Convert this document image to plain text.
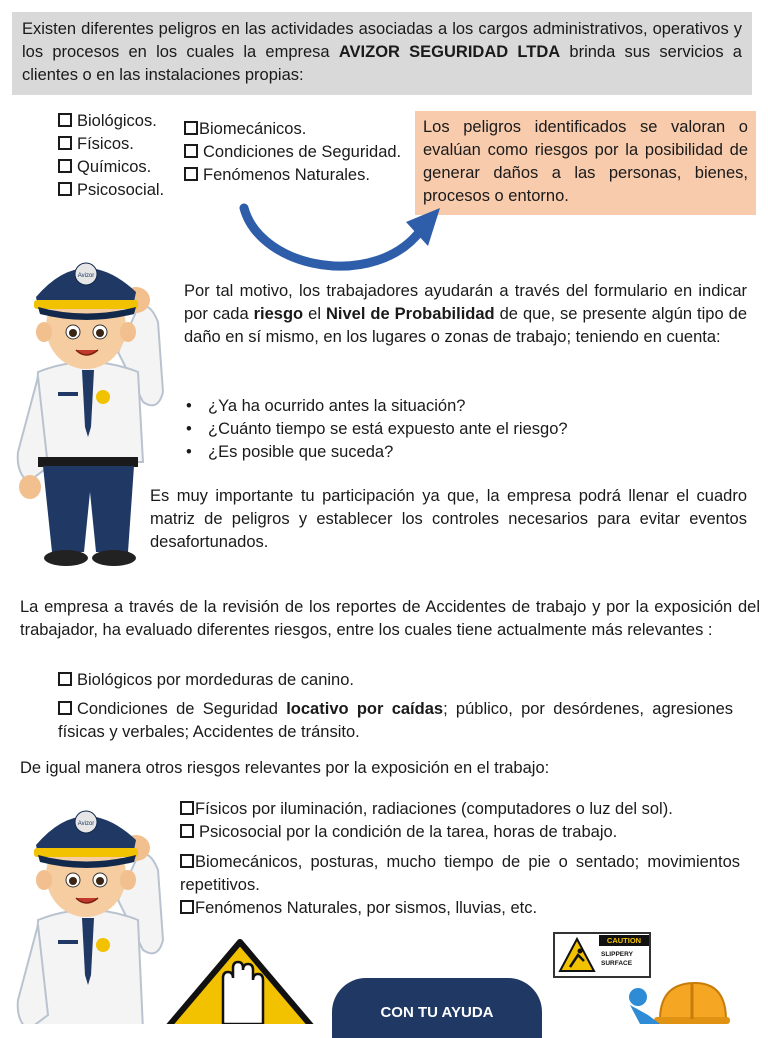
Existen diferentes peligros en las actividades asociadas a los cargos administrativos, operativos y los procesos en los cuales la empresa AVIZOR SEGURIDAD LTDA brinda sus servicios a clientes o en las instalaciones propias:
Biológicos.
Físicos.
Químicos.
Psicosocial.
Biomecánicos.
Condiciones de Seguridad.
Fenómenos Naturales.
Los peligros identificados se valoran o evalúan como riesgos por la posibilidad de generar daños a las personas, bienes, procesos o entorno.
Avizor

Por tal motivo, los trabajadores ayudarán a través del formulario en indicar por cada riesgo el Nivel de Probabilidad de que, se presente algún tipo de daño en sí mismo, en los lugares o zonas de trabajo; teniendo en cuenta:

• ¿Ya ha ocurrido antes la situación?
• ¿Cuánto tiempo se está expuesto ante el riesgo?
• ¿Es posible que suceda?

Es muy importante tu participación ya que, la empresa podrá llenar el cuadro matriz de peligros y establecer los controles necesarios para evitar eventos desafortunados.

La empresa a través de la revisión de los reportes de Accidentes de trabajo y por la exposición del trabajador, ha evaluado diferentes riesgos, entre los cuales tiene actualmente más relevantes :

Biológicos por mordeduras de canino.
Condiciones de Seguridad locativo por caídas; público, por desórdenes, agresiones físicas y verbales; Accidentes de tránsito.
De igual manera otros riesgos relevantes por la exposición en el trabajo:
Físicos por iluminación, radiaciones (computadores o luz del sol).
Psicosocial por la condición de la tarea, horas de trabajo.
Biomecánicos, posturas, mucho tiempo de pie o sentado; movimientos repetitivos.
Fenómenos Naturales, por sismos, lluvias, etc.
Avizor
CON TU AYUDA
CAUTION
SLIPPERY
SURFACE
